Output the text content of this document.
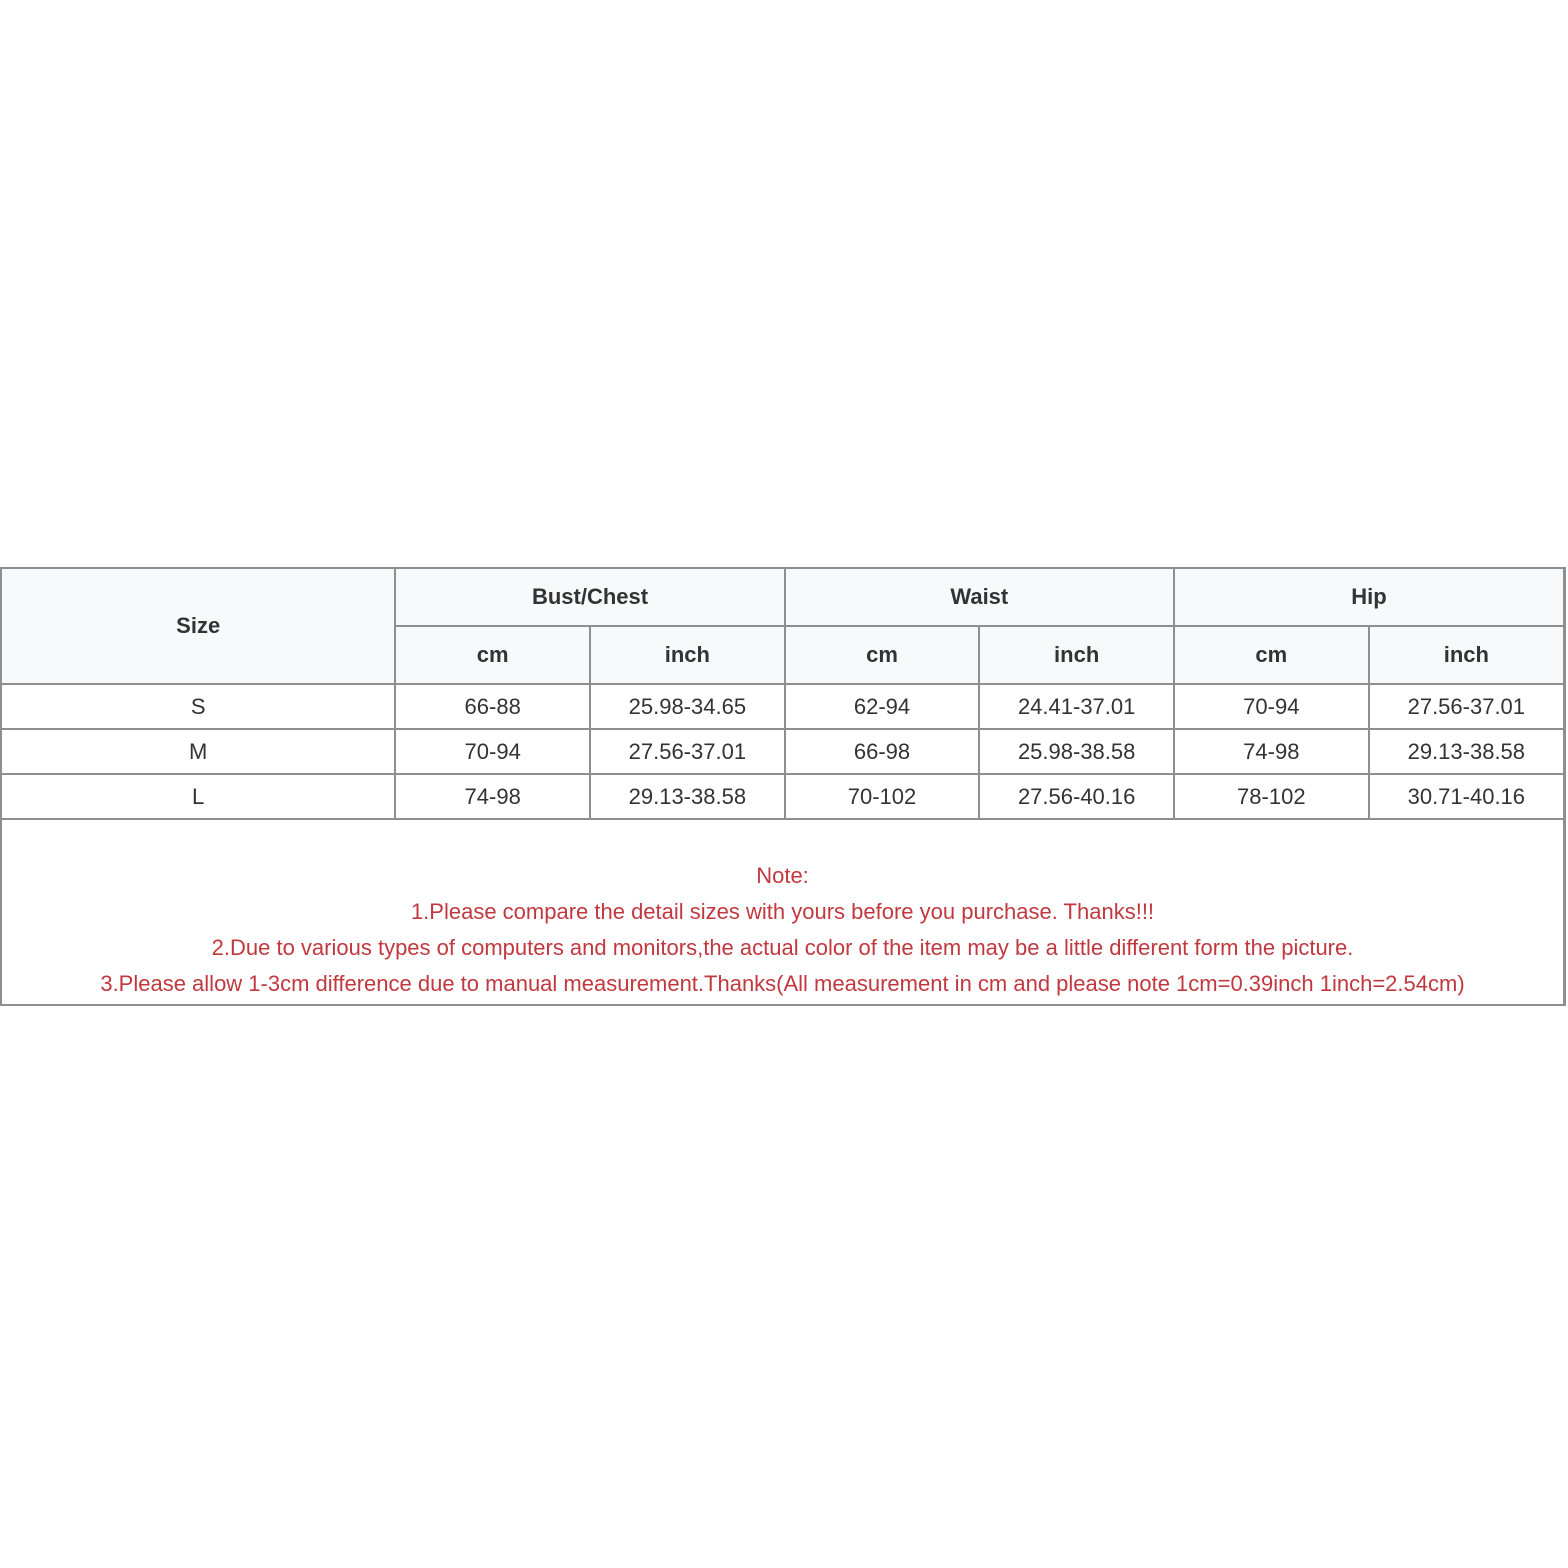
Size	Bust/Chest		Waist		Hip	
	cm	inch	cm	inch	cm	inch
S	66-88	25.98-34.65	62-94	24.41-37.01	70-94	27.56-37.01
M	70-94	27.56-37.01	66-98	25.98-38.58	74-98	29.13-38.58
L	74-98	29.13-38.58	70-102	27.56-40.16	78-102	30.71-40.16
Note:
1.Please compare the detail sizes with yours before you purchase. Thanks!!!
2.Due to various types of computers and monitors,the actual color of the item may be a little different form the picture.
3.Please allow 1-3cm difference due to manual measurement.Thanks(All measurement in cm and please note 1cm=0.39inch 1inch=2.54cm)
